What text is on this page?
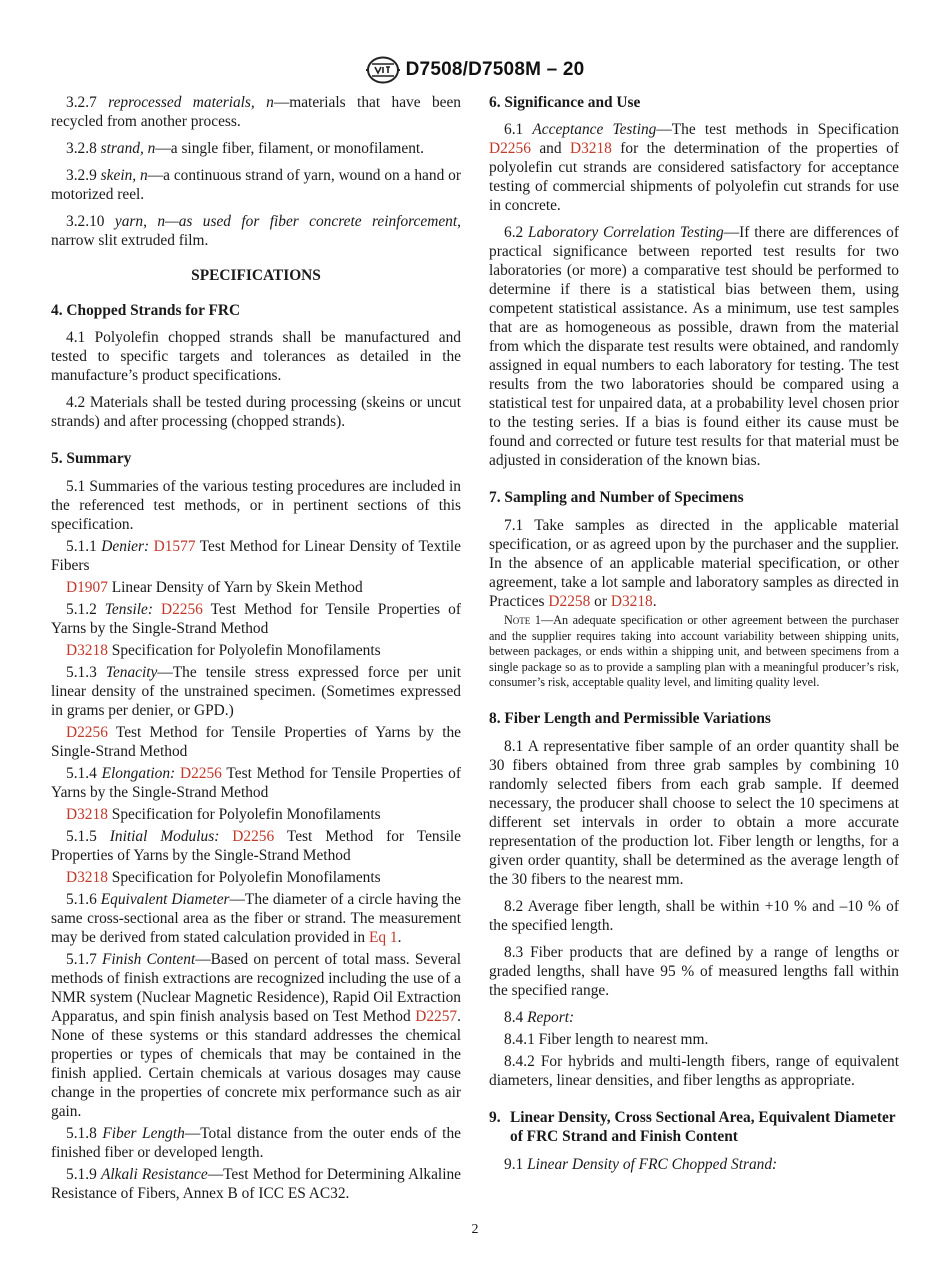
D7508/D7508M – 20

3.2.7 reprocessed materials, n—materials that have been recycled from another process.

3.2.8 strand, n—a single fiber, filament, or monofilament.

3.2.9 skein, n—a continuous strand of yarn, wound on a hand or motorized reel.

3.2.10 yarn, n—as used for fiber concrete reinforcement, narrow slit extruded film.

SPECIFICATIONS
4. Chopped Strands for FRC

4.1 Polyolefin chopped strands shall be manufactured and tested to specific targets and tolerances as detailed in the manufacture’s product specifications.

4.2 Materials shall be tested during processing (skeins or uncut strands) and after processing (chopped strands).

5. Summary

5.1 Summaries of the various testing procedures are included in the referenced test methods, or in pertinent sections of this specification.

5.1.1 Denier: D1577 Test Method for Linear Density of Textile Fibers

D1907 Linear Density of Yarn by Skein Method

5.1.2 Tensile: D2256 Test Method for Tensile Properties of Yarns by the Single-Strand Method

D3218 Specification for Polyolefin Monofilaments

5.1.3 Tenacity—The tensile stress expressed force per unit linear density of the unstrained specimen. (Sometimes expressed in grams per denier, or GPD.)

D2256 Test Method for Tensile Properties of Yarns by the Single-Strand Method

5.1.4 Elongation: D2256 Test Method for Tensile Properties of Yarns by the Single-Strand Method

D3218 Specification for Polyolefin Monofilaments

5.1.5 Initial Modulus: D2256 Test Method for Tensile Properties of Yarns by the Single-Strand Method

D3218 Specification for Polyolefin Monofilaments

5.1.6 Equivalent Diameter—The diameter of a circle having the same cross-sectional area as the fiber or strand. The measurement may be derived from stated calculation provided in Eq 1.

5.1.7 Finish Content—Based on percent of total mass. Several methods of finish extractions are recognized including the use of a NMR system (Nuclear Magnetic Residence), Rapid Oil Extraction Apparatus, and spin finish analysis based on Test Method D2257. None of these systems or this standard addresses the chemical properties or types of chemicals that may be contained in the finish applied. Certain chemicals at various dosages may cause change in the properties of concrete mix performance such as air gain.

5.1.8 Fiber Length—Total distance from the outer ends of the finished fiber or developed length.

5.1.9 Alkali Resistance—Test Method for Determining Alkaline Resistance of Fibers, Annex B of ICC ES AC32.

6. Significance and Use

6.1 Acceptance Testing—The test methods in Specification D2256 and D3218 for the determination of the properties of polyolefin cut strands are considered satisfactory for acceptance testing of commercial shipments of polyolefin cut strands for use in concrete.

6.2 Laboratory Correlation Testing—If there are differences of practical significance between reported test results for two laboratories (or more) a comparative test should be performed to determine if there is a statistical bias between them, using competent statistical assistance. As a minimum, use test samples that are as homogeneous as possible, drawn from the material from which the disparate test results were obtained, and randomly assigned in equal numbers to each laboratory for testing. The test results from the two laboratories should be compared using a statistical test for unpaired data, at a probability level chosen prior to the testing series. If a bias is found either its cause must be found and corrected or future test results for that material must be adjusted in consideration of the known bias.

7. Sampling and Number of Specimens

7.1 Take samples as directed in the applicable material specification, or as agreed upon by the purchaser and the supplier. In the absence of an applicable material specification, or other agreement, take a lot sample and laboratory samples as directed in Practices D2258 or D3218.

Note 1—An adequate specification or other agreement between the purchaser and the supplier requires taking into account variability between shipping units, between packages, or ends within a shipping unit, and between specimens from a single package so as to provide a sampling plan with a meaningful producer’s risk, consumer’s risk, acceptable quality level, and limiting quality level.

8. Fiber Length and Permissible Variations

8.1 A representative fiber sample of an order quantity shall be 30 fibers obtained from three grab samples by combining 10 randomly selected fibers from each grab sample. If deemed necessary, the producer shall choose to select the 10 specimens at different set intervals in order to obtain a more accurate representation of the production lot. Fiber length or lengths, for a given order quantity, shall be determined as the average length of the 30 fibers to the nearest mm.

8.2 Average fiber length, shall be within +10 % and –10 % of the specified length.

8.3 Fiber products that are defined by a range of lengths or graded lengths, shall have 95 % of measured lengths fall within the specified range.

8.4 Report:

8.4.1 Fiber length to nearest mm.

8.4.2 For hybrids and multi-length fibers, range of equivalent diameters, linear densities, and fiber lengths as appropriate.

9. Linear Density, Cross Sectional Area, Equivalent Diameter of FRC Strand and Finish Content

9.1 Linear Density of FRC Chopped Strand:

2
